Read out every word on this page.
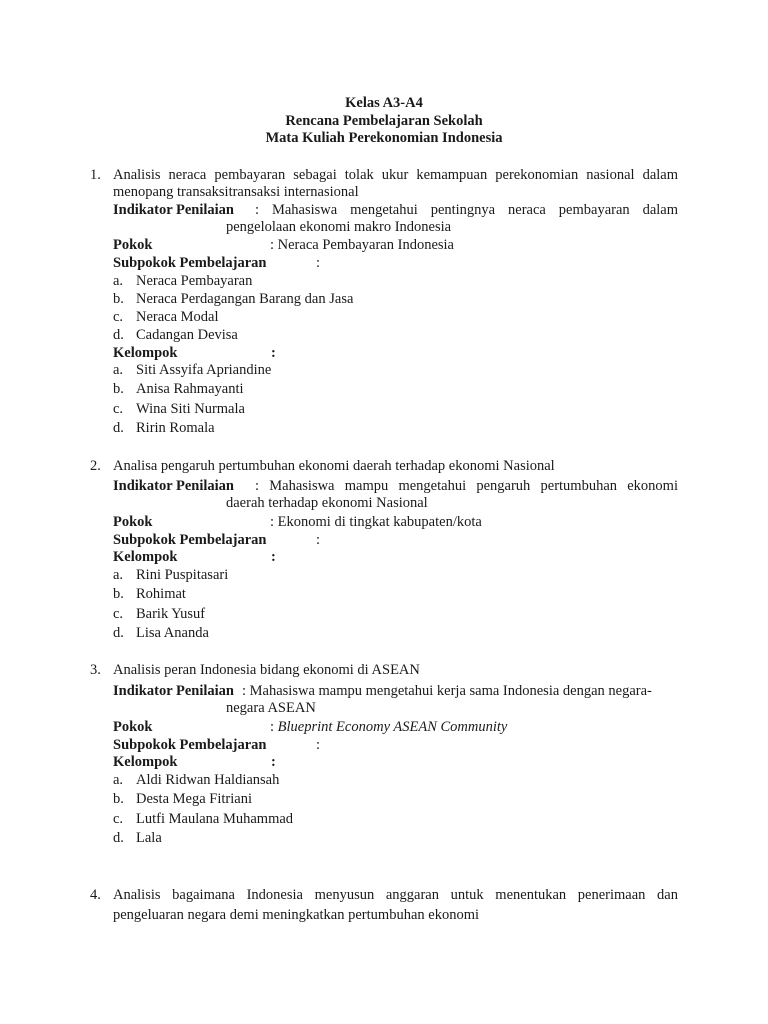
Kelas A3-A4
Rencana Pembelajaran Sekolah
Mata Kuliah Perekonomian Indonesia
1. Analisis neraca pembayaran sebagai tolak ukur kemampuan perekonomian nasional dalam
menopang transaksitransaksi internasional
Indikator Penilaian : Mahasiswa mengetahui pentingnya neraca pembayaran dalam
pengelolaan ekonomi makro Indonesia
Pokok	: Neraca Pembayaran Indonesia
Subpokok Pembelajaran	:
a. Neraca Pembayaran
b. Neraca Perdagangan Barang dan Jasa
c. Neraca Modal
d. Cadangan Devisa
Kelompok	:
a. Siti Assyifa Apriandine
b. Anisa Rahmayanti
c. Wina Siti Nurmala
d. Ririn Romala
2. Analisa pengaruh pertumbuhan ekonomi daerah terhadap ekonomi Nasional
Indikator Penilaian : Mahasiswa mampu mengetahui pengaruh pertumbuhan ekonomi
daerah terhadap ekonomi Nasional
Pokok	: Ekonomi di tingkat kabupaten/kota
Subpokok Pembelajaran	:
Kelompok	:
a. Rini Puspitasari
b. Rohimat
c. Barik Yusuf
d. Lisa Ananda
3. Analisis peran Indonesia bidang ekonomi di ASEAN
Indikator Penilaian : Mahasiswa mampu mengetahui kerja sama Indonesia dengan negara-
negara ASEAN
Pokok	: Blueprint Economy ASEAN Community
Subpokok Pembelajaran	:
Kelompok	:
a. Aldi Ridwan Haldiansah
b. Desta Mega Fitriani
c. Lutfi Maulana Muhammad
d. Lala
4. Analisis bagaimana Indonesia menyusun anggaran untuk menentukan penerimaan dan
pengeluaran negara demi meningkatkan pertumbuhan ekonomi
